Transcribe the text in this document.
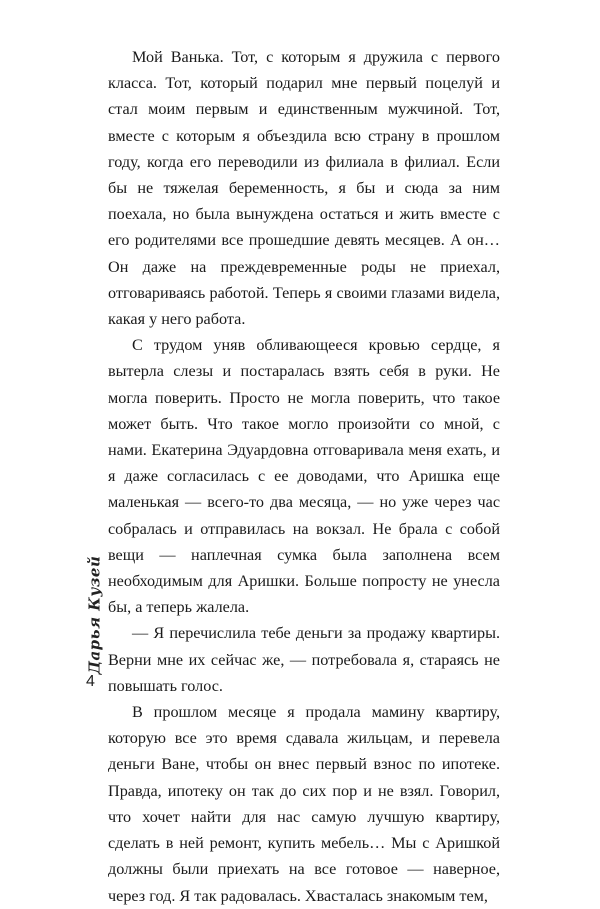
Мой Ванька. Тот, с которым я дружила с первого класса. Тот, который подарил мне первый поцелуй и стал моим первым и единственным мужчиной. Тот, вместе с которым я объездила всю страну в прошлом году, когда его переводили из филиала в филиал. Если бы не тяжелая беременность, я бы и сюда за ним поехала, но была вынуждена остаться и жить вместе с его родителями все прошедшие девять месяцев. А он… Он даже на преждевременные роды не приехал, отговариваясь работой. Теперь я своими глазами видела, какая у него работа.

С трудом уняв обливающееся кровью сердце, я вытерла слезы и постаралась взять себя в руки. Не могла поверить. Просто не могла поверить, что такое может быть. Что такое могло произойти со мной, с нами. Екатерина Эдуардовна отговаривала меня ехать, и я даже согласилась с ее доводами, что Аришка еще маленькая — всего-то два месяца, — но уже через час собралась и отправилась на вокзал. Не брала с собой вещи — наплечная сумка была заполнена всем необходимым для Аришки. Больше попросту не унесла бы, а теперь жалела.

— Я перечислила тебе деньги за продажу квартиры. Верни мне их сейчас же, — потребовала я, стараясь не повышать голос.

В прошлом месяце я продала мамину квартиру, которую все это время сдавала жильцам, и перевела деньги Ване, чтобы он внес первый взнос по ипотеке. Правда, ипотеку он так до сих пор и не взял. Говорил, что хочет найти для нас самую лучшую квартиру, сделать в ней ремонт, купить мебель… Мы с Аришкой должны были приехать на все готовое — наверное, через год. Я так радовалась. Хвасталась знакомым тем,

Дарья Кузей
4
